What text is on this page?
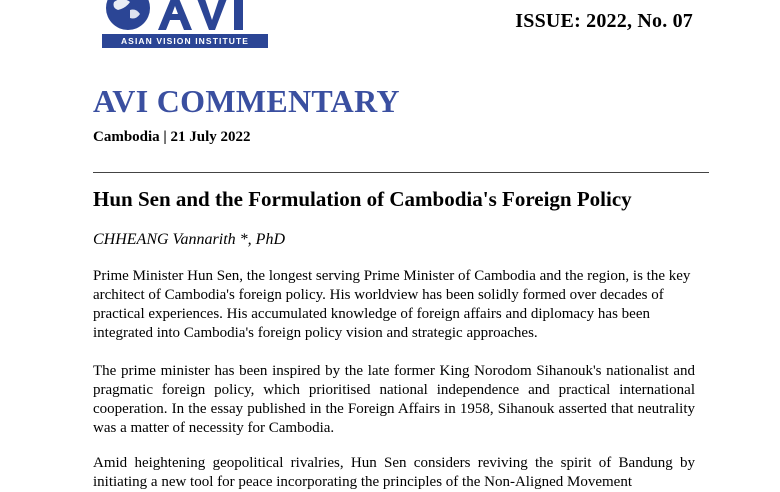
ASIAN VISION INSTITUTE
ISSUE: 2022, No. 07
AVI COMMENTARY
Cambodia | 21 July 2022
Hun Sen and the Formulation of Cambodia's Foreign Policy
CHHEANG Vannarith *, PhD

Prime Minister Hun Sen, the longest serving Prime Minister of Cambodia and the region, is the key architect of Cambodia's foreign policy. His worldview has been solidly formed over decades of practical experiences. His accumulated knowledge of foreign affairs and diplomacy has been integrated into Cambodia's foreign policy vision and strategic approaches.

The prime minister has been inspired by the late former King Norodom Sihanouk's nationalist and pragmatic foreign policy, which prioritised national independence and practical international cooperation. In the essay published in the Foreign Affairs in 1958, Sihanouk asserted that neutrality was a matter of necessity for Cambodia.

Amid heightening geopolitical rivalries, Hun Sen considers reviving the spirit of Bandung by initiating a new tool for peace incorporating the principles of the Non-Aligned Movement
